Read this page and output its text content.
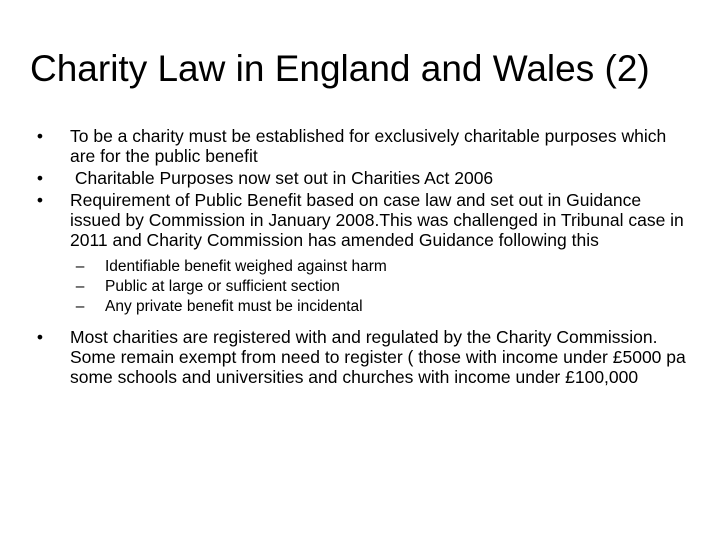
Charity Law in England and Wales (2)
•	To be a charity must be established for exclusively charitable purposes which are for the public benefit
•	Charitable Purposes now set out in Charities Act 2006
•	Requirement of Public Benefit based on case law and set out in Guidance issued by Commission in January 2008.This was challenged in Tribunal case in 2011 and Charity Commission has amended Guidance following this
–	Identifiable benefit weighed against harm
–	Public at large or sufficient section
–	Any private benefit must be incidental
•	Most charities are registered with and regulated by the Charity Commission. Some remain exempt from need to register ( those with income under £5000 pa some schools and universities and churches with income under £100,000
